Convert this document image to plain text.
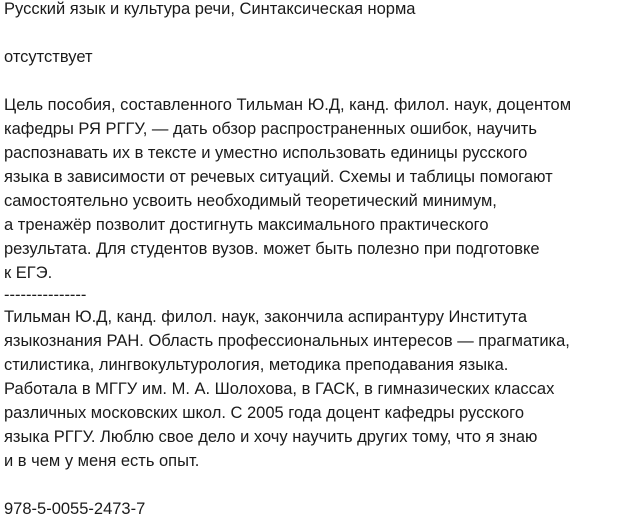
Русский язык и культура речи, Синтаксическая норма
отсутствует
Цель пособия, составленного Тильман Ю.Д, канд. филол. наук, доцентом
кафедры РЯ РГГУ, — дать обзор распространенных ошибок, научить
распознавать их в тексте и уместно использовать единицы русского
языка в зависимости от речевых ситуаций. Схемы и таблицы помогают
самостоятельно усвоить необходимый теоретический минимум,
а тренажёр позволит достигнуть максимального практического
результата. Для студентов вузов. может быть полезно при подготовке
к ЕГЭ.
---------------
Тильман Ю.Д, канд. филол. наук, закончила аспирантуру Института
языкознания РАН. Область профессиональных интересов — прагматика,
стилистика, лингвокультурология, методика преподавания языка.
Работала в МГГУ им. М. А. Шолохова, в ГАСК, в гимназических классах
различных московских школ. С 2005 года доцент кафедры русского
языка РГГУ. Люблю свое дело и хочу научить других тому, что я знаю
и в чем у меня есть опыт.
978-5-0055-2473-7
